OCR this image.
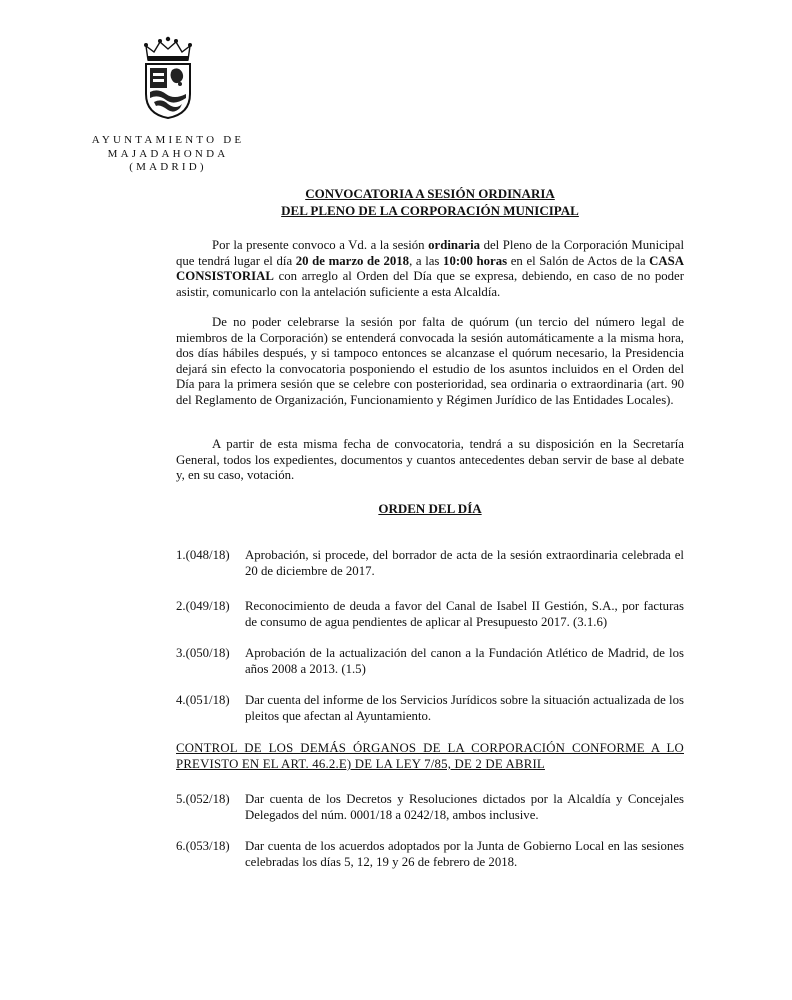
AYUNTAMIENTO DE
MAJADAHONDA
(MADRID)
CONVOCATORIA A SESIÓN ORDINARIA
DEL PLENO DE LA CORPORACIÓN MUNICIPAL

Por la presente convoco a Vd. a la sesión ordinaria del Pleno de la Corporación Municipal que tendrá lugar el día 20 de marzo de 2018, a las 10:00 horas en el Salón de Actos de la CASA CONSISTORIAL con arreglo al Orden del Día que se expresa, debiendo, en caso de no poder asistir, comunicarlo con la antelación suficiente a esta Alcaldía.

De no poder celebrarse la sesión por falta de quórum (un tercio del número legal de miembros de la Corporación) se entenderá convocada la sesión automáticamente a la misma hora, dos días hábiles después, y si tampoco entonces se alcanzase el quórum necesario, la Presidencia dejará sin efecto la convocatoria posponiendo el estudio de los asuntos incluidos en el Orden del Día para la primera sesión que se celebre con posterioridad, sea ordinaria o extraordinaria (art. 90 del Reglamento de Organización, Funcionamiento y Régimen Jurídico de las Entidades Locales).

A partir de esta misma fecha de convocatoria, tendrá a su disposición en la Secretaría General, todos los expedientes, documentos y cuantos antecedentes deban servir de base al debate y, en su caso, votación.

ORDEN DEL DÍA
1.(048/18) Aprobación, si procede, del borrador de acta de la sesión extraordinaria celebrada el 20 de diciembre de 2017.
2.(049/18) Reconocimiento de deuda a favor del Canal de Isabel II Gestión, S.A., por facturas de consumo de agua pendientes de aplicar al Presupuesto 2017. (3.1.6)
3.(050/18) Aprobación de la actualización del canon a la Fundación Atlético de Madrid, de los años 2008 a 2013. (1.5)
4.(051/18) Dar cuenta del informe de los Servicios Jurídicos sobre la situación actualizada de los pleitos que afectan al Ayuntamiento.
CONTROL DE LOS DEMÁS ÓRGANOS DE LA CORPORACIÓN CONFORME A LO PREVISTO EN EL ART. 46.2.E) DE LA LEY 7/85, DE 2 DE ABRIL
5.(052/18) Dar cuenta de los Decretos y Resoluciones dictados por la Alcaldía y Concejales Delegados del núm. 0001/18 a 0242/18, ambos inclusive.
6.(053/18) Dar cuenta de los acuerdos adoptados por la Junta de Gobierno Local en las sesiones celebradas los días 5, 12, 19 y 26 de febrero de 2018.
